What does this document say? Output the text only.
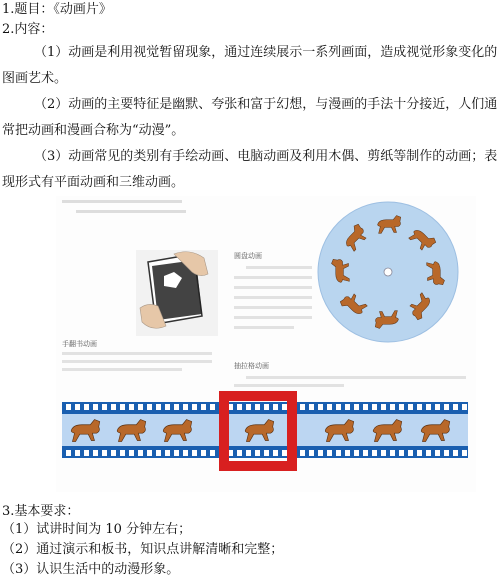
1.题目：《动画片》
2.内容：
（1）动画是利用视觉暂留现象，通过连续展示一系列画面，造成视觉形象变化的图画艺术。
（2）动画的主要特征是幽默、夸张和富于幻想，与漫画的手法十分接近，人们通常把动画和漫画合称为“动漫”。
（3）动画常见的类别有手绘动画、电脑动画及利用木偶、剪纸等制作的动画；表现形式有平面动画和三维动画。
手翻书动画
圆盘动画
抽拉格动画
3.基本要求：
（1）试讲时间为 10 分钟左右；
（2）通过演示和板书，知识点讲解清晰和完整；
（3）认识生活中的动漫形象。
